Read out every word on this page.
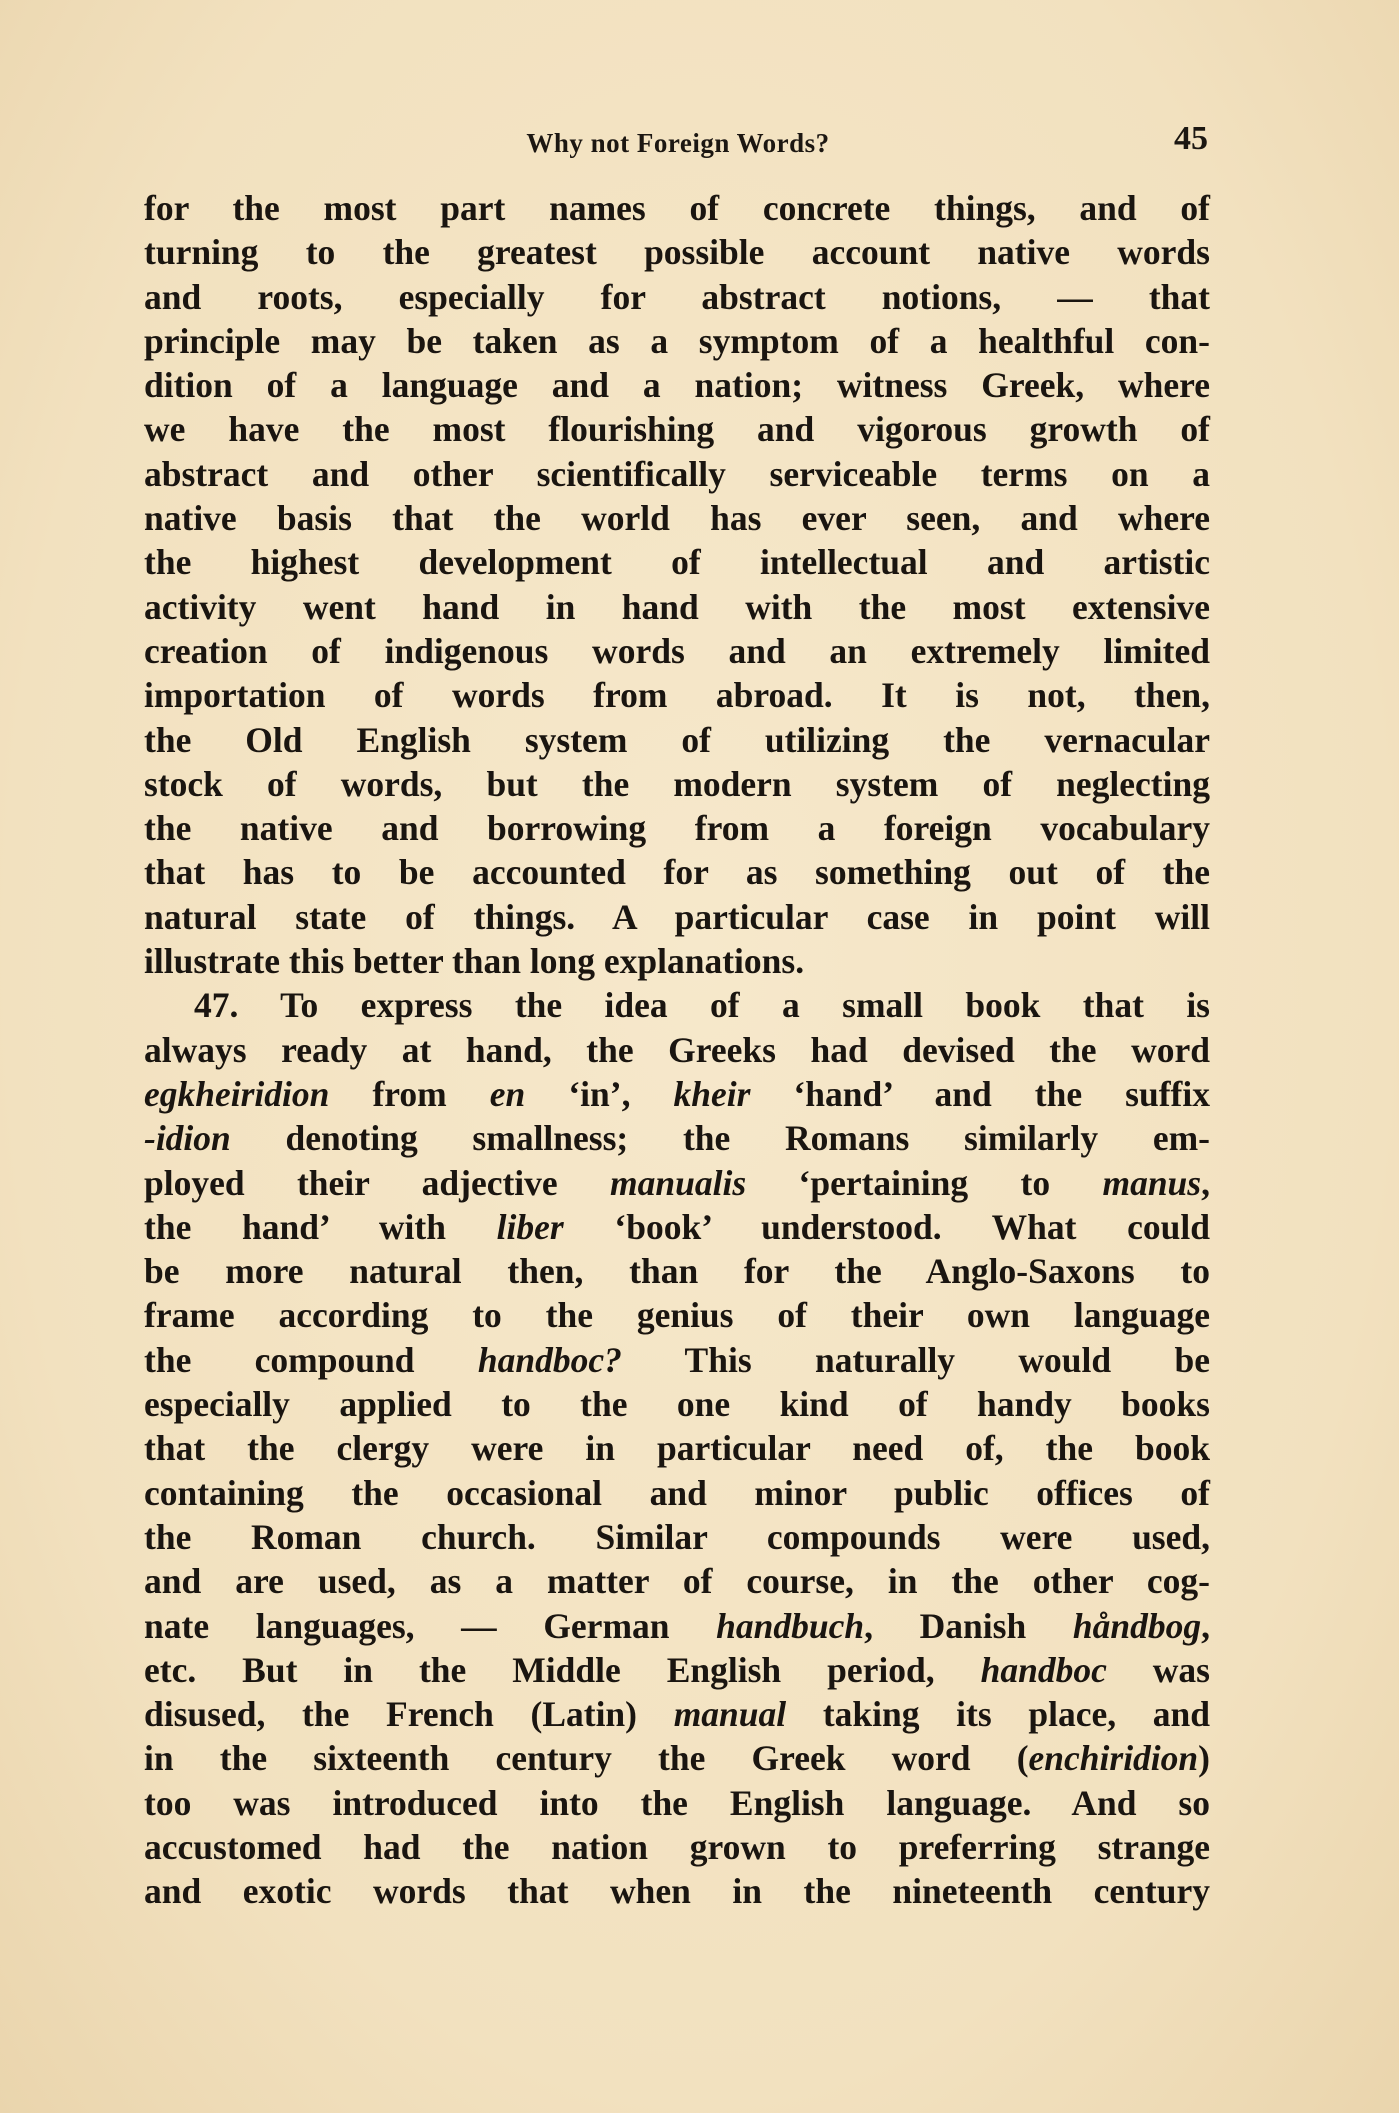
Why not Foreign Words?	45
for the most part names of concrete things, and of
turning to the greatest possible account native words
and roots, especially for abstract notions, — that
principle may be taken as a symptom of a healthful con-
dition of a language and a nation; witness Greek, where
we have the most flourishing and vigorous growth of
abstract and other scientifically serviceable terms on a
native basis that the world has ever seen, and where
the highest development of intellectual and artistic
activity went hand in hand with the most extensive
creation of indigenous words and an extremely limited
importation of words from abroad. It is not, then,
the Old English system of utilizing the vernacular
stock of words, but the modern system of neglecting
the native and borrowing from a foreign vocabulary
that has to be accounted for as something out of the
natural state of things. A particular case in point will
illustrate this better than long explanations.
47. To express the idea of a small book that is
always ready at hand, the Greeks had devised the word
egkheiridion from en ‘in’, kheir ‘hand’ and the suffix
-idion denoting smallness; the Romans similarly em-
ployed their adjective manualis ‘pertaining to manus,
the hand’ with liber ‘book’ understood. What could
be more natural then, than for the Anglo-Saxons to
frame according to the genius of their own language
the compound handboc? This naturally would be
especially applied to the one kind of handy books
that the clergy were in particular need of, the book
containing the occasional and minor public offices of
the Roman church. Similar compounds were used,
and are used, as a matter of course, in the other cog-
nate languages, — German handbuch, Danish håndbog,
etc. But in the Middle English period, handboc was
disused, the French (Latin) manual taking its place, and
in the sixteenth century the Greek word (enchiridion)
too was introduced into the English language. And so
accustomed had the nation grown to preferring strange
and exotic words that when in the nineteenth century
